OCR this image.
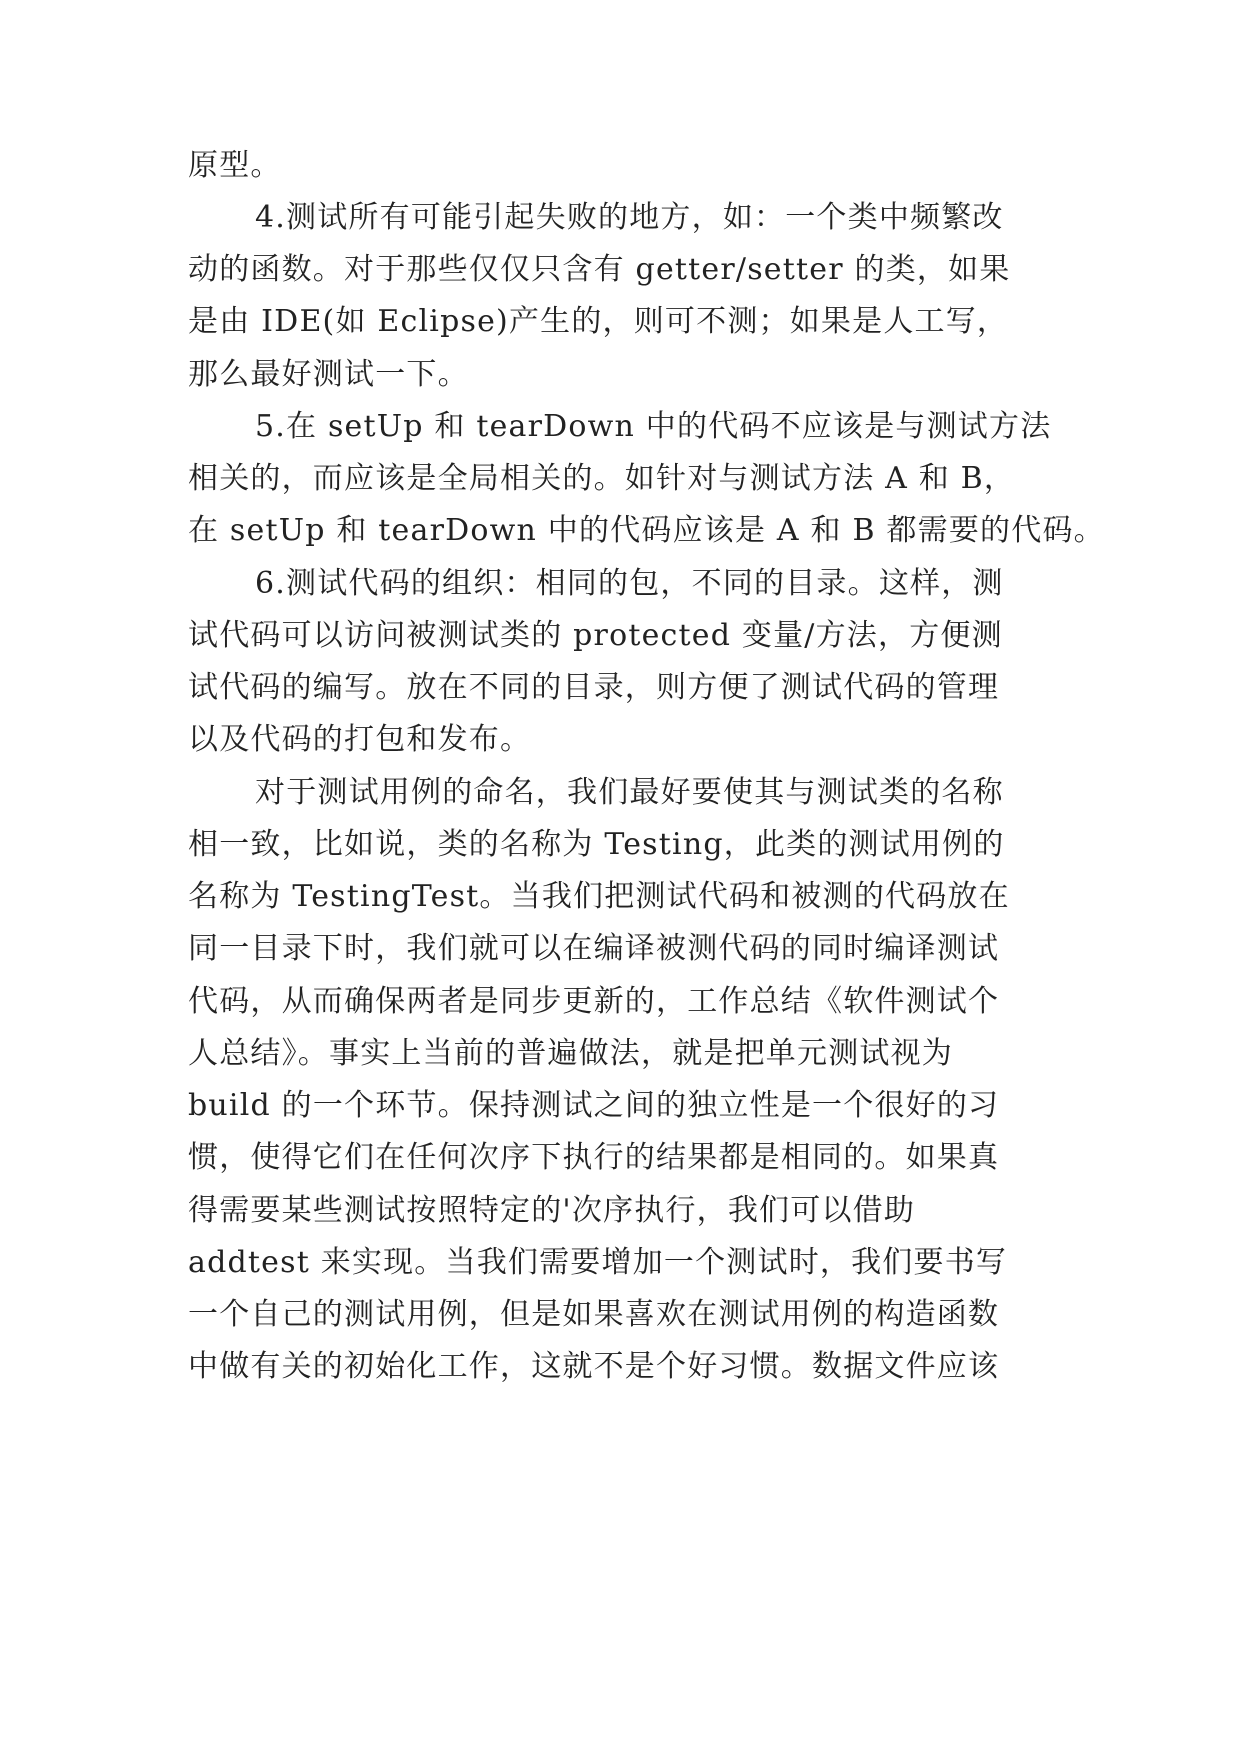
原型。
4.测试所有可能引起失败的地方，如：一个类中频繁改
动的函数。对于那些仅仅只含有 getter/setter 的类，如果
是由 IDE(如 Eclipse)产生的，则可不测；如果是人工写，
那么最好测试一下。
5.在 setUp 和 tearDown 中的代码不应该是与测试方法
相关的，而应该是全局相关的。如针对与测试方法 A 和 B，
在 setUp 和 tearDown 中的代码应该是 A 和 B 都需要的代码。
6.测试代码的组织：相同的包，不同的目录。这样，测
试代码可以访问被测试类的 protected 变量/方法，方便测
试代码的编写。放在不同的目录，则方便了测试代码的管理
以及代码的打包和发布。
对于测试用例的命名，我们最好要使其与测试类的名称
相一致，比如说，类的名称为 Testing，此类的测试用例的
名称为 TestingTest。当我们把测试代码和被测的代码放在
同一目录下时，我们就可以在编译被测代码的同时编译测试
代码，从而确保两者是同步更新的，工作总结《软件测试个
人总结》。事实上当前的普遍做法，就是把单元测试视为
build 的一个环节。保持测试之间的独立性是一个很好的习
惯，使得它们在任何次序下执行的结果都是相同的。如果真
得需要某些测试按照特定的'次序执行，我们可以借助
addtest 来实现。当我们需要增加一个测试时，我们要书写
一个自己的测试用例，但是如果喜欢在测试用例的构造函数
中做有关的初始化工作，这就不是个好习惯。数据文件应该
